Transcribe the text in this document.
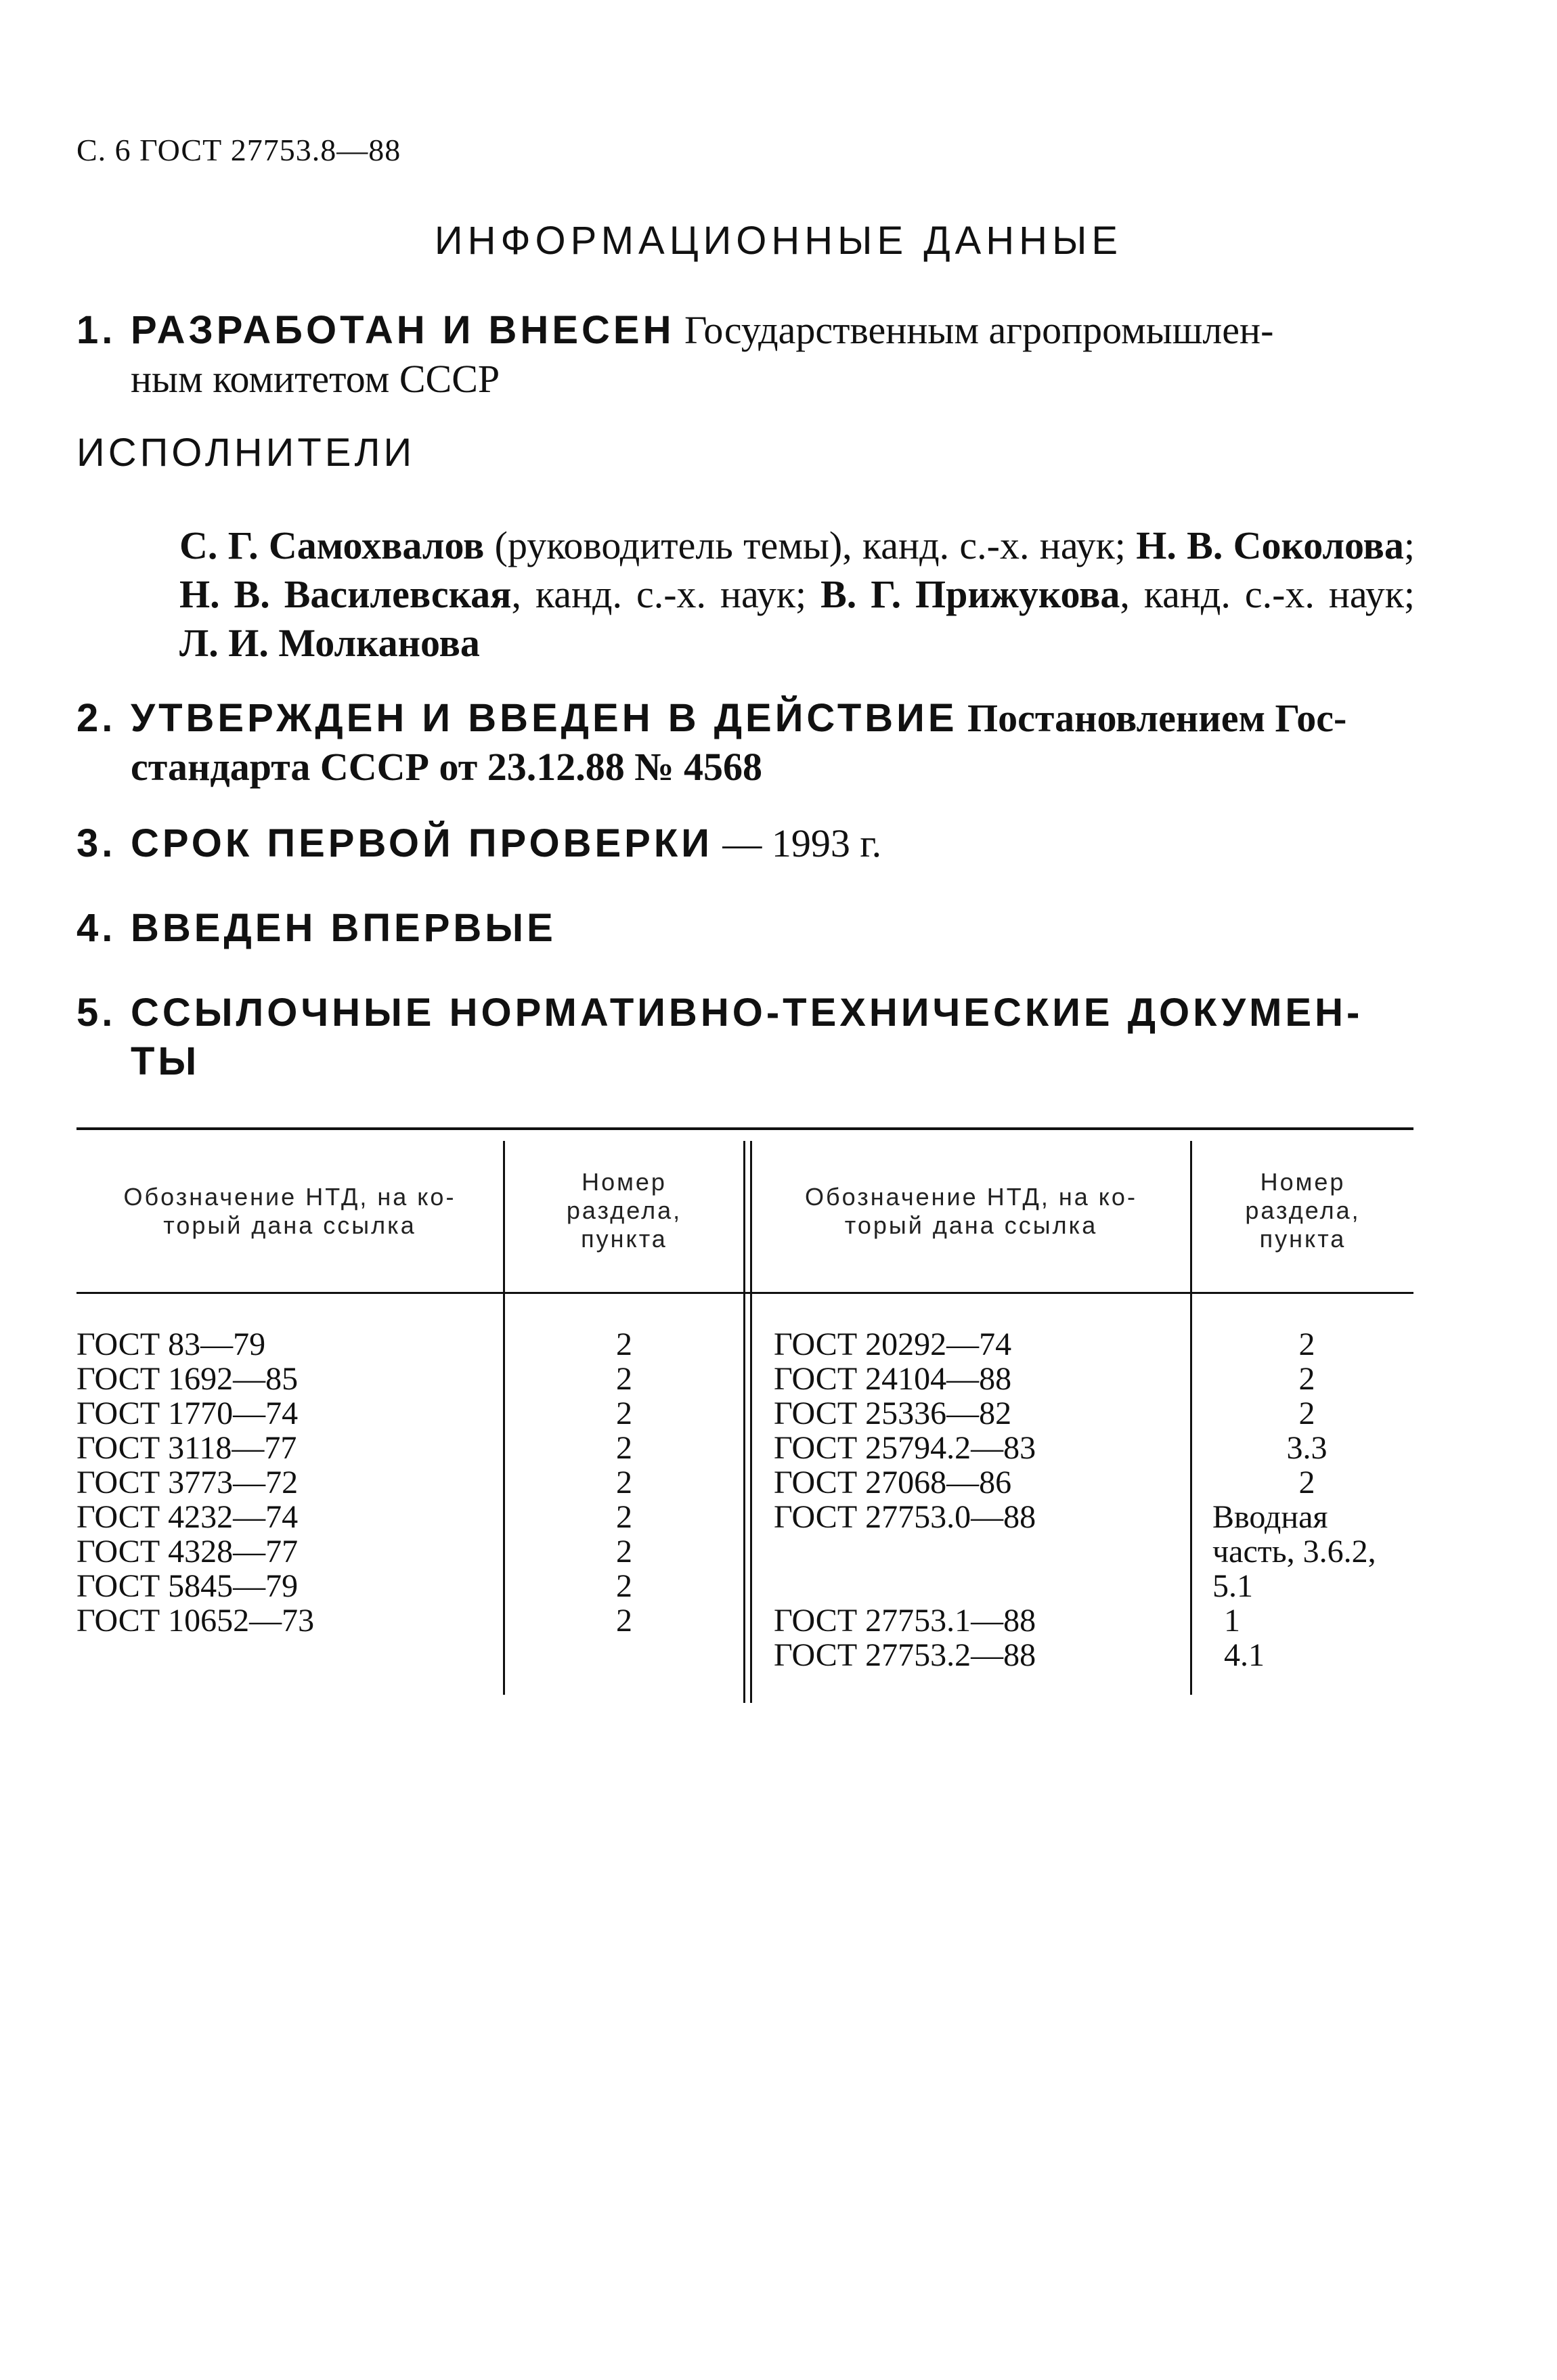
С. 6 ГОСТ 27753.8—88
ИНФОРМАЦИОННЫЕ ДАННЫЕ
1. РАЗРАБОТАН И ВНЕСЕН Государственным агропромышлен-
ным комитетом СССР
ИСПОЛНИТЕЛИ
С. Г. Самохвалов (руководитель темы), канд. с.-х. наук; Н. В. Соколова; Н. В. Василевская, канд. с.-х. наук; В. Г. Прижукова, канд. с.-х. наук; Л. И. Молканова
2. УТВЕРЖДЕН И ВВЕДЕН В ДЕЙСТВИЕ Постановлением Гос-
стандарта СССР от 23.12.88 № 4568
3. СРОК ПЕРВОЙ ПРОВЕРКИ — 1993 г.
4. ВВЕДЕН ВПЕРВЫЕ
5. ССЫЛОЧНЫЕ НОРМАТИВНО-ТЕХНИЧЕСКИЕ ДОКУМЕН-
ТЫ
Обозначение НТД, на ко-
торый дана ссылка
Номер
раздела,
пункта
Обозначение НТД, на ко-
торый дана ссылка
Номер
раздела,
пункта
ГОСТ 83—79
ГОСТ 1692—85
ГОСТ 1770—74
ГОСТ 3118—77
ГОСТ 3773—72
ГОСТ 4232—74
ГОСТ 4328—77
ГОСТ 5845—79
ГОСТ 10652—73
2
2
2
2
2
2
2
2
2
ГОСТ 20292—74
ГОСТ 24104—88
ГОСТ 25336—82
ГОСТ 25794.2—83
ГОСТ 27068—86
ГОСТ 27753.0—88
ГОСТ 27753.1—88
ГОСТ 27753.2—88
2
2
2
3.3
2
Вводная
часть, 3.6.2,
5.1
1
4.1
